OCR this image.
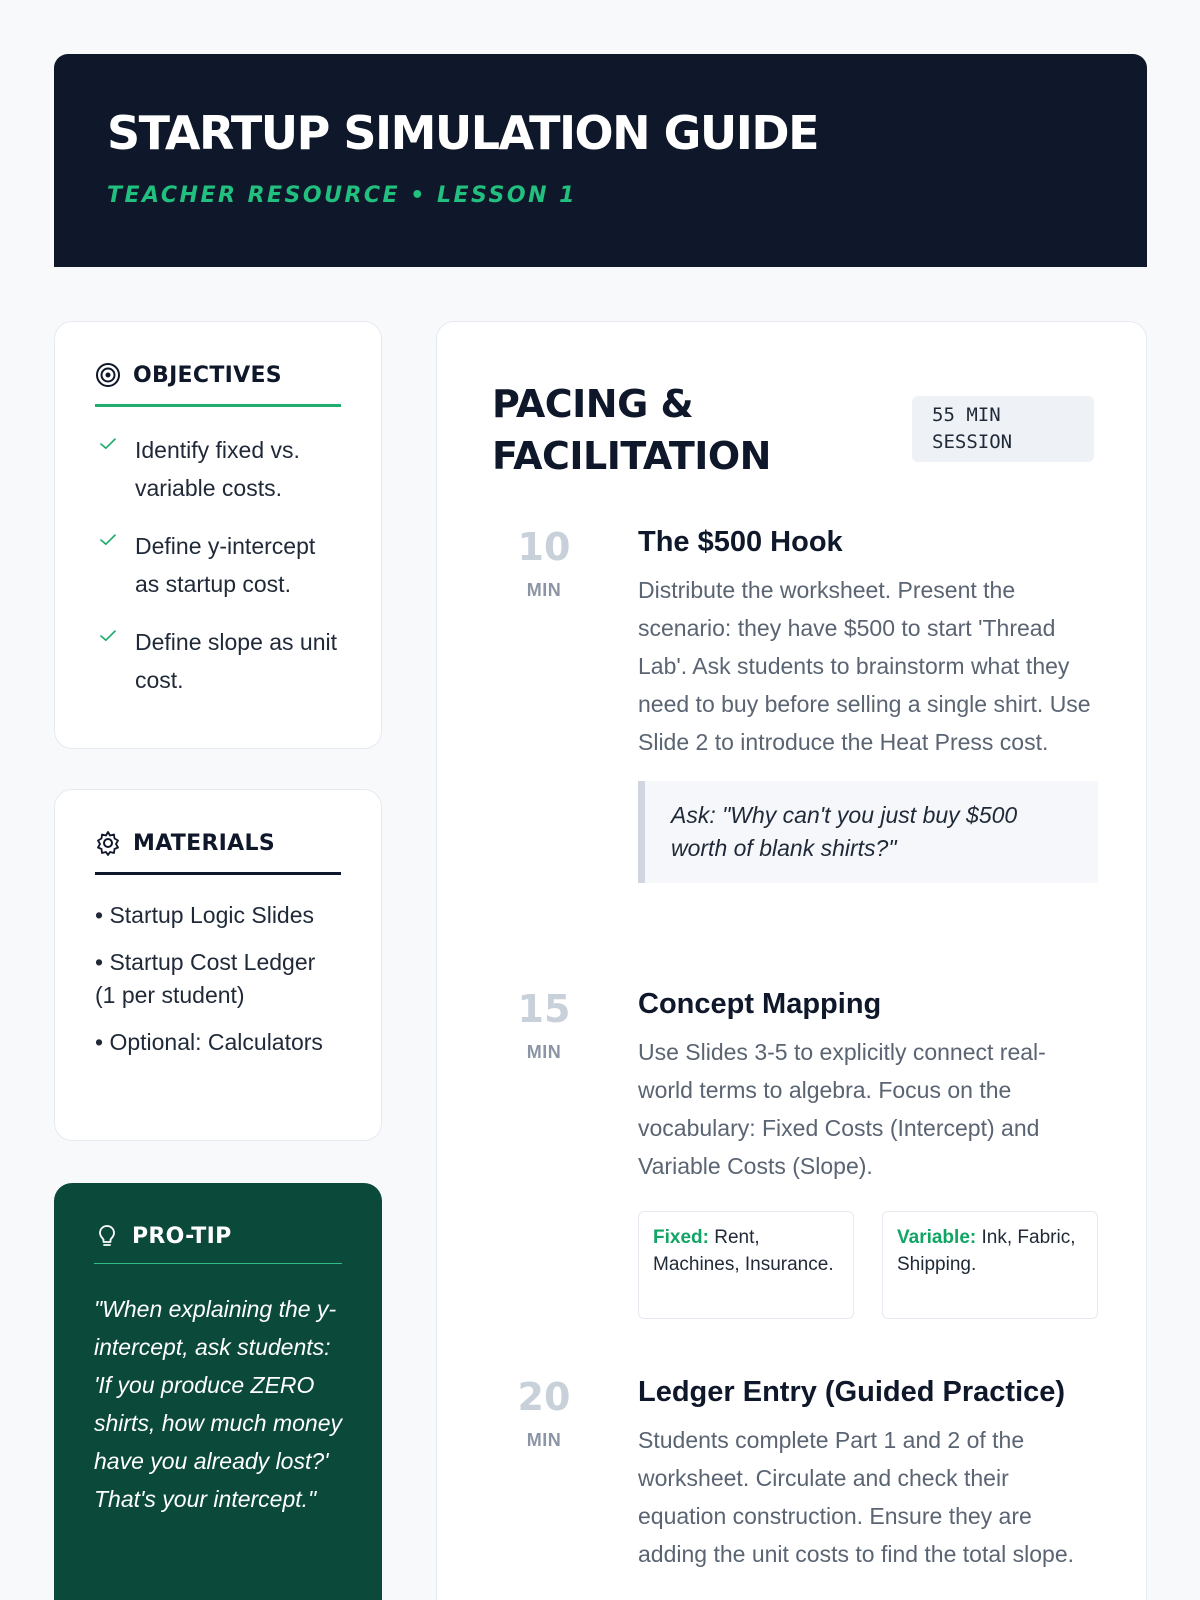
STARTUP SIMULATION GUIDE
TEACHER RESOURCE • LESSON 1
OBJECTIVES
Identify fixed vs. variable costs.
Define y-intercept as startup cost.
Define slope as unit cost.
MATERIALS
• Startup Logic Slides
• Startup Cost Ledger (1 per student)
• Optional: Calculators
PRO-TIP
"When explaining the y-intercept, ask students: 'If you produce ZERO shirts, how much money have you already lost?' That's your intercept."
PACING & FACILITATION
55 MIN SESSION
10
MIN
The $500 Hook
Distribute the worksheet. Present the scenario: they have $500 to start 'Thread Lab'. Ask students to brainstorm what they need to buy before selling a single shirt. Use Slide 2 to introduce the Heat Press cost.
Ask: "Why can't you just buy $500 worth of blank shirts?"
15
MIN
Concept Mapping
Use Slides 3-5 to explicitly connect real-world terms to algebra. Focus on the vocabulary: Fixed Costs (Intercept) and Variable Costs (Slope).
Fixed: Rent, Machines, Insurance.
Variable: Ink, Fabric, Shipping.
20
MIN
Ledger Entry (Guided Practice)
Students complete Part 1 and 2 of the worksheet. Circulate and check their equation construction. Ensure they are adding the unit costs to find the total slope.
